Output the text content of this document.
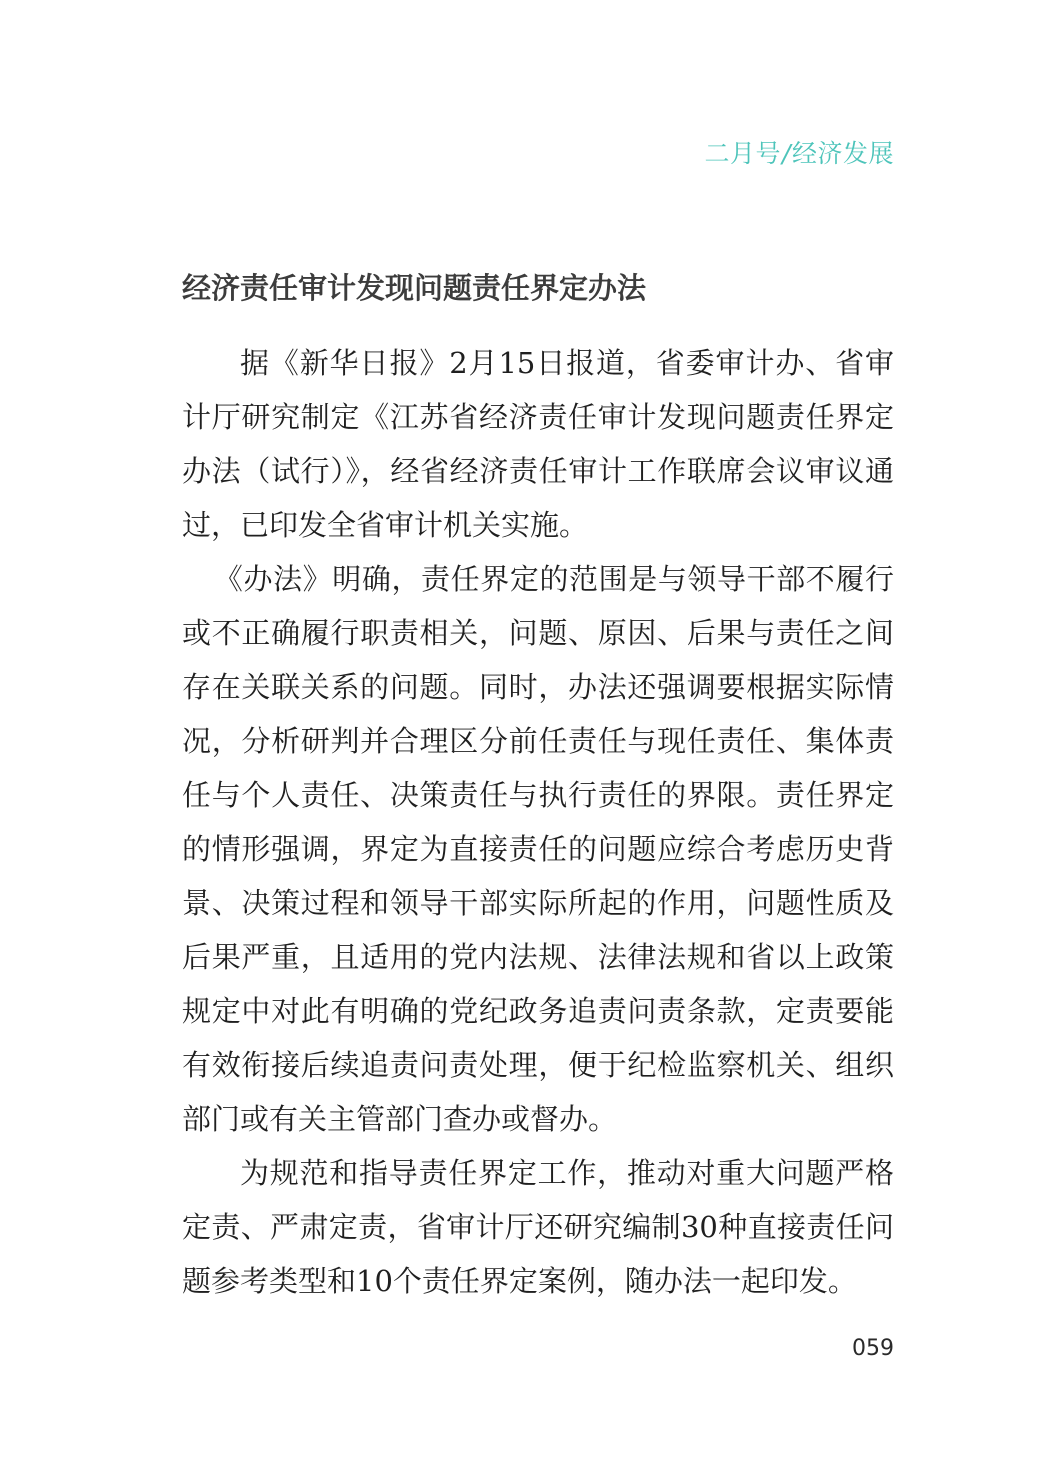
二月号/经济发展
经济责任审计发现问题责任界定办法

据《新华日报》2月15日报道，省委审计办、省审计厅研究制定《江苏省经济责任审计发现问题责任界定办法（试行）》，经省经济责任审计工作联席会议审议通过，已印发全省审计机关实施。

《办法》明确，责任界定的范围是与领导干部不履行或不正确履行职责相关，问题、原因、后果与责任之间存在关联关系的问题。同时，办法还强调要根据实际情况，分析研判并合理区分前任责任与现任责任、集体责任与个人责任、决策责任与执行责任的界限。责任界定的情形强调，界定为直接责任的问题应综合考虑历史背景、决策过程和领导干部实际所起的作用，问题性质及后果严重，且适用的党内法规、法律法规和省以上政策规定中对此有明确的党纪政务追责问责条款，定责要能有效衔接后续追责问责处理，便于纪检监察机关、组织部门或有关主管部门查办或督办。

为规范和指导责任界定工作，推动对重大问题严格定责、严肃定责，省审计厅还研究编制30种直接责任问题参考类型和10个责任界定案例，随办法一起印发。

059
